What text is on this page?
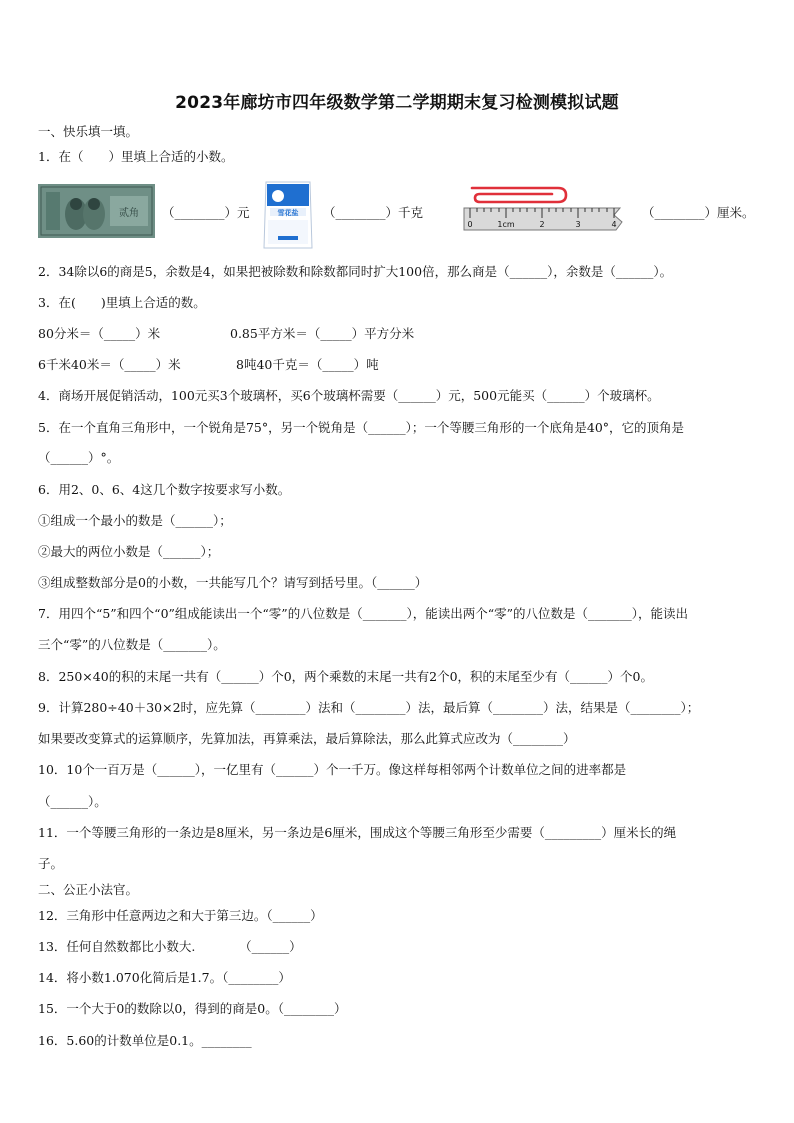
2023年廊坊市四年级数学第二学期期末复习检测模拟试题
一、快乐填一填。
1．在（　　）里填上合适的小数。
贰角 （________）元	雪花盐 （________）千克
0	1cm	2	3	4
（________）厘米。
2．34除以6的商是5，余数是4，如果把被除数和除数都同时扩大100倍，那么商是（______），余数是（______）。
3．在(　　)里填上合适的数。
80分米＝（_____）米	0.85平方米＝（_____）平方分米
6千米40米＝（_____）米	8吨40千克＝（_____）吨
4．商场开展促销活动，100元买3个玻璃杯，买6个玻璃杯需要（______）元，500元能买（______）个玻璃杯。
5．在一个直角三角形中，一个锐角是75°，另一个锐角是（______）；一个等腰三角形的一个底角是40°，它的顶角是
（______）°。
6．用2、0、6、4这几个数字按要求写小数。
①组成一个最小的数是（______）；
②最大的两位小数是（______）；
③组成整数部分是0的小数，一共能写几个？请写到括号里。（______）
7．用四个“5”和四个“0”组成能读出一个“零”的八位数是（_______），能读出两个“零”的八位数是（_______），能读出
三个“零”的八位数是（_______）。
8．250×40的积的末尾一共有（______）个0，两个乘数的末尾一共有2个0，积的末尾至少有（______）个0。
9．计算280÷40＋30×2时，应先算（________）法和（________）法，最后算（________）法，结果是（________）；
如果要改变算式的运算顺序，先算加法，再算乘法，最后算除法，那么此算式应改为（________）
10．10个一百万是（______），一亿里有（______）个一千万。像这样每相邻两个计数单位之间的进率都是
（______）。
11．一个等腰三角形的一条边是8厘米，另一条边是6厘米，围成这个等腰三角形至少需要（_________）厘米长的绳
子。
二、公正小法官。
12．三角形中任意两边之和大于第三边。（______）
13．任何自然数都比小数大.　　　　（______）
14．将小数1.070化简后是1.7。（________）
15．一个大于0的数除以0，得到的商是0。（________）
16．5.60的计数单位是0.1。________
